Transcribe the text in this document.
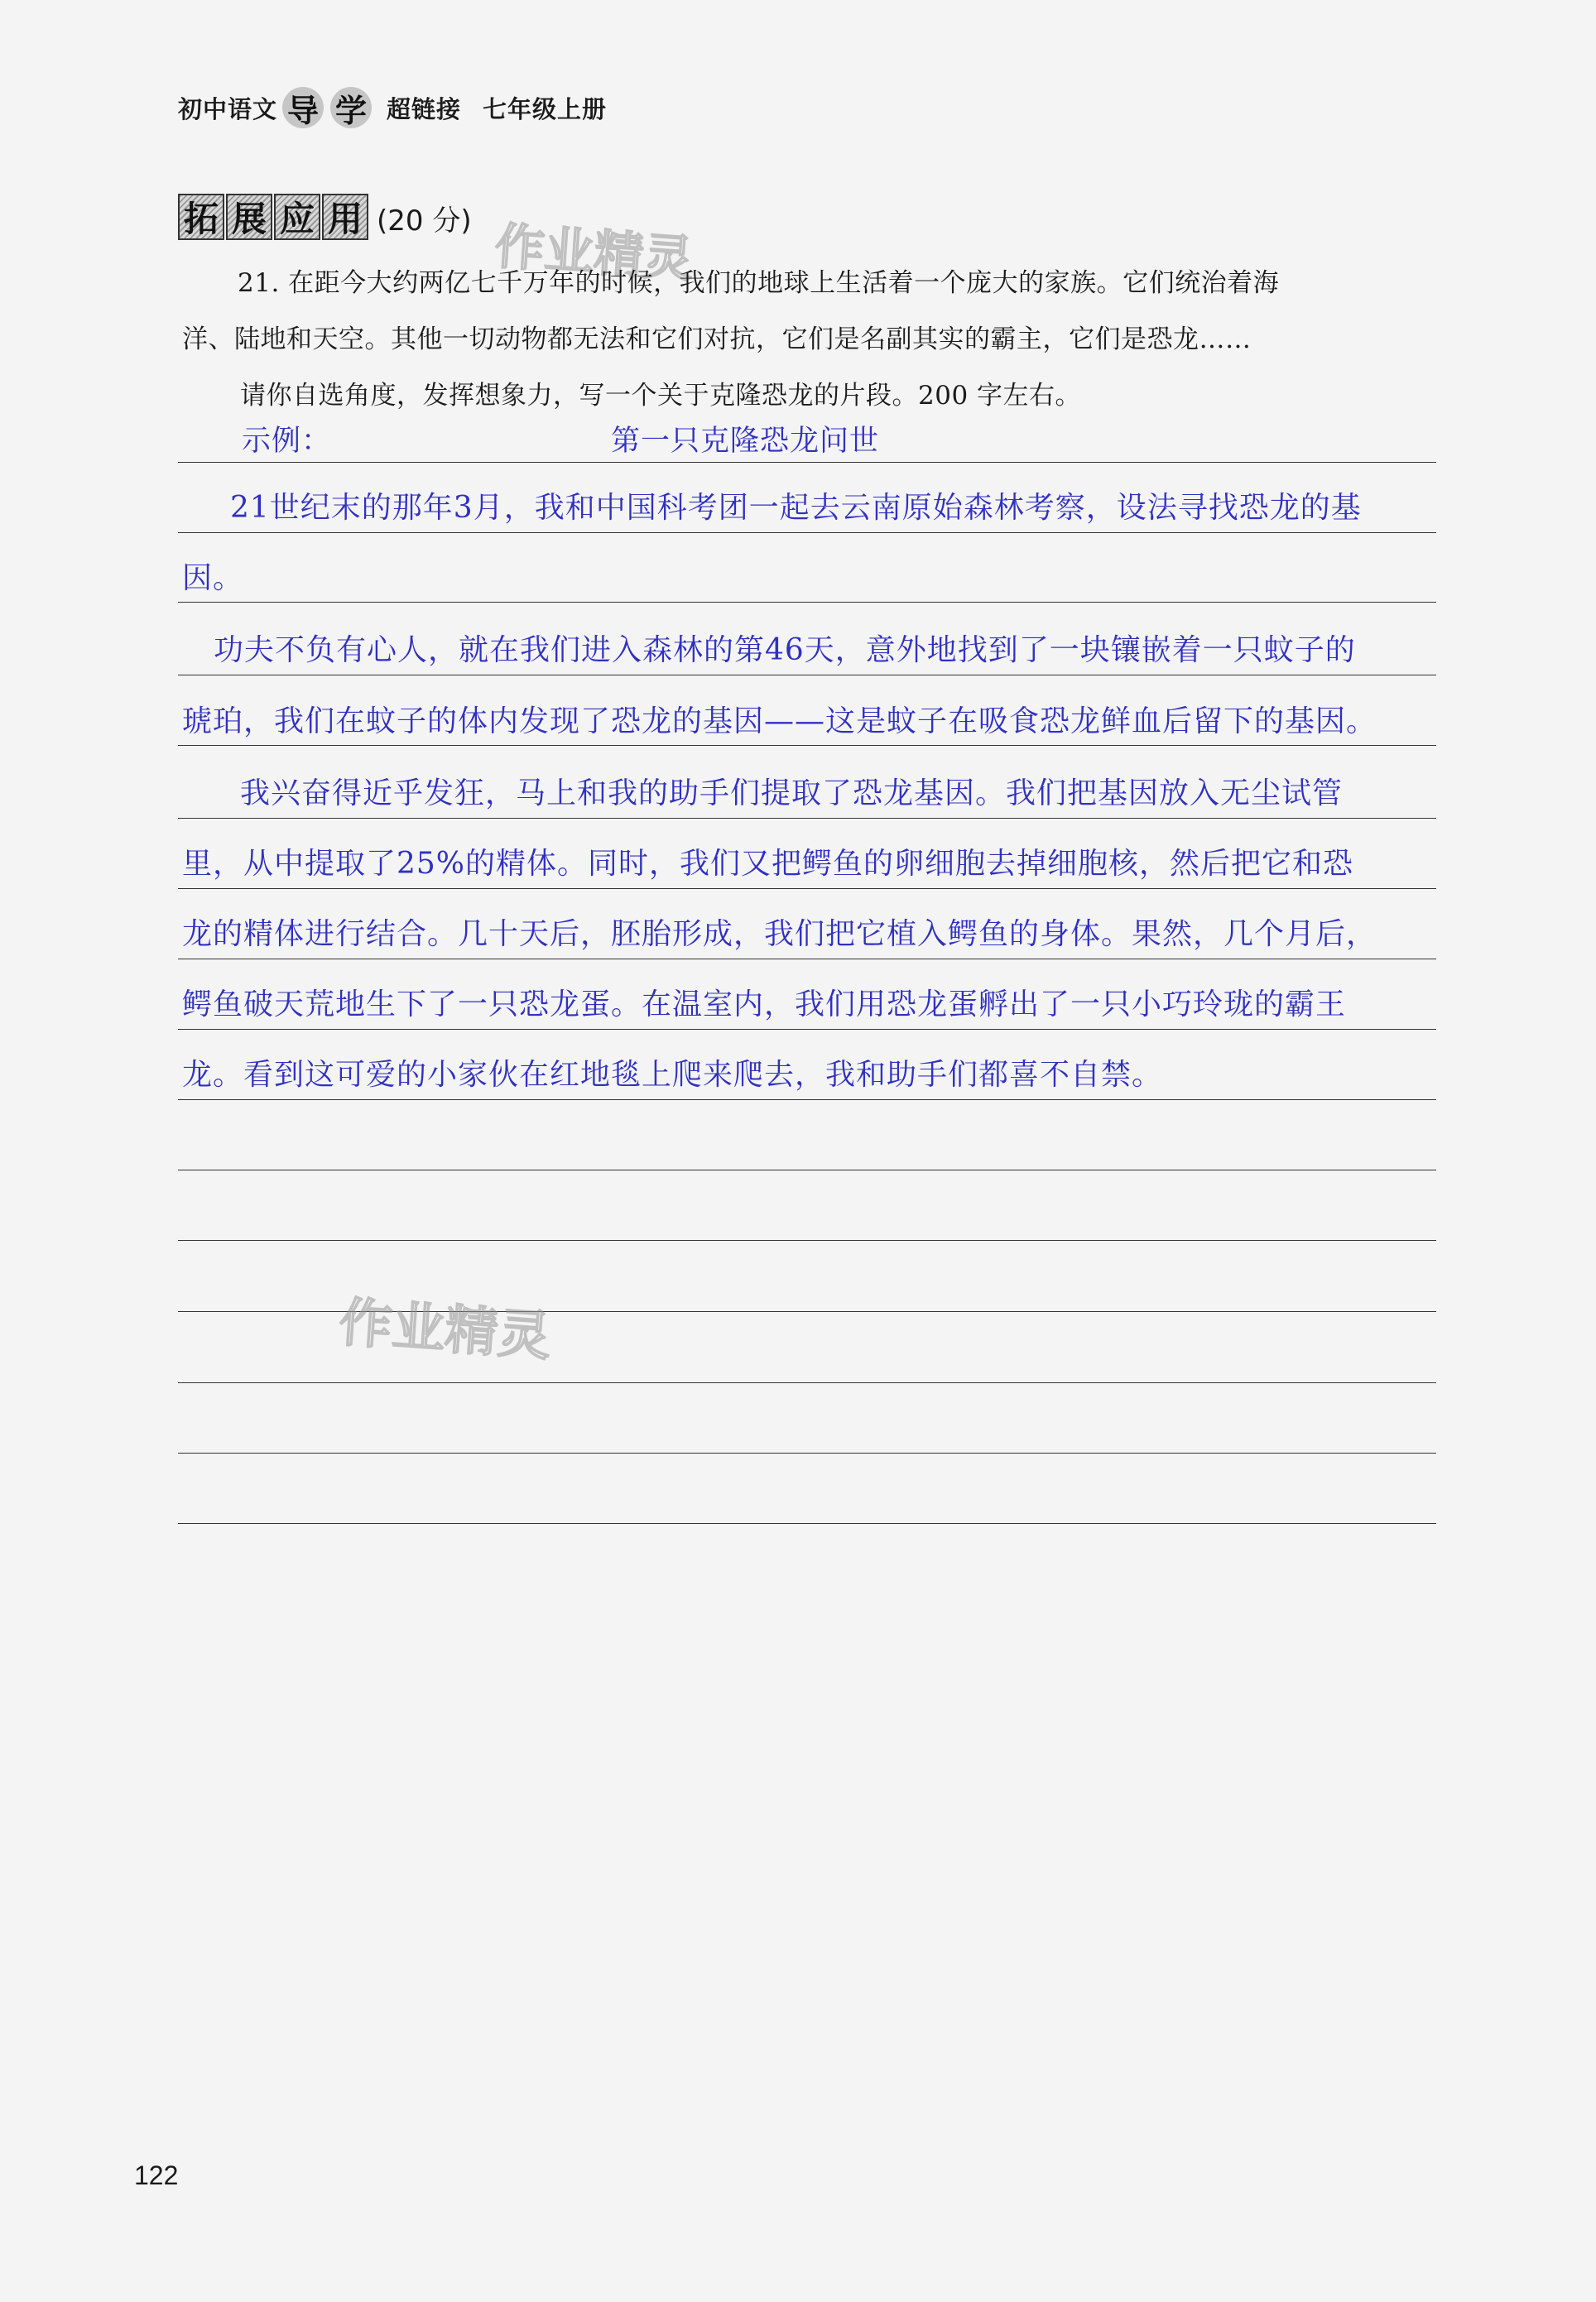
初中语文 导 学 超链接 七年级上册
拓 展 应 用 (20 分) 作业精灵
21. 在距今大约两亿七千万年的时候，我们的地球上生活着一个庞大的家族。它们统治着海
洋、陆地和天空。其他一切动物都无法和它们对抗，它们是名副其实的霸主，它们是恐龙……
请你自选角度，发挥想象力，写一个关于克隆恐龙的片段。200 字左右。
示例：	第一只克隆恐龙问世
21世纪末的那年3月，我和中国科考团一起去云南原始森林考察，设法寻找恐龙的基
因。
功夫不负有心人，就在我们进入森林的第46天，意外地找到了一块镶嵌着一只蚊子的
琥珀，我们在蚊子的体内发现了恐龙的基因——这是蚊子在吸食恐龙鲜血后留下的基因。
我兴奋得近乎发狂，马上和我的助手们提取了恐龙基因。我们把基因放入无尘试管
里，从中提取了25%的精体。同时，我们又把鳄鱼的卵细胞去掉细胞核，然后把它和恐
龙的精体进行结合。几十天后，胚胎形成，我们把它植入鳄鱼的身体。果然，几个月后，
鳄鱼破天荒地生下了一只恐龙蛋。在温室内，我们用恐龙蛋孵出了一只小巧玲珑的霸王
龙。看到这可爱的小家伙在红地毯上爬来爬去，我和助手们都喜不自禁。
作业精灵
122
